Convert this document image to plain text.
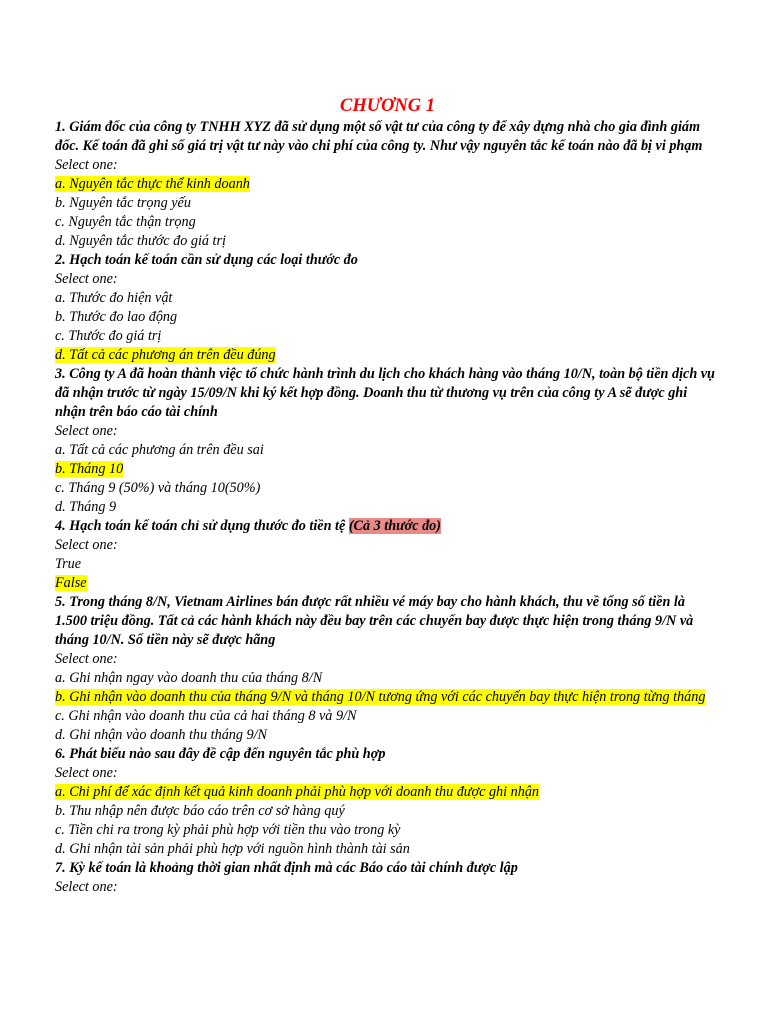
CHƯƠNG 1
1. Giám đốc của công ty TNHH XYZ đã sử dụng một số vật tư của công ty để xây dựng nhà cho gia đình giám đốc. Kế toán đã ghi số giá trị vật tư này vào chi phí của công ty. Như vậy nguyên tắc kế toán nào đã bị vi phạm
Select one:
a. Nguyên tắc thực thể kinh doanh
b. Nguyên tắc trọng yếu
c. Nguyên tắc thận trọng
d. Nguyên tắc thước đo giá trị
2. Hạch toán kế toán cần sử dụng các loại thước đo
Select one:
a. Thước đo hiện vật
b. Thước đo lao động
c. Thước đo giá trị
d. Tất cả các phương án trên đều đúng
3. Công ty A đã hoàn thành việc tổ chức hành trình du lịch cho khách hàng vào tháng 10/N, toàn bộ tiền dịch vụ đã nhận trước từ ngày 15/09/N khi ký kết hợp đồng. Doanh thu từ thương vụ trên của công ty A sẽ được ghi nhận trên báo cáo tài chính
Select one:
a. Tất cả các phương án trên đều sai
b. Tháng 10
c. Tháng 9 (50%) và tháng 10(50%)
d. Tháng 9
4. Hạch toán kế toán chỉ sử dụng thước đo tiền tệ (Cả 3 thước đo)
Select one:
True
False
5. Trong tháng 8/N, Vietnam Airlines bán được rất nhiều vé máy bay cho hành khách, thu về tổng số tiền là 1.500 triệu đồng. Tất cả các hành khách này đều bay trên các chuyến bay được thực hiện trong tháng 9/N và tháng 10/N. Số tiền này sẽ được hãng
Select one:
a. Ghi nhận ngay vào doanh thu của tháng 8/N
b. Ghi nhận vào doanh thu của tháng 9/N và tháng 10/N tương ứng với các chuyến bay thực hiện trong từng tháng
c. Ghi nhận vào doanh thu của cả hai tháng 8 và 9/N
d. Ghi nhận vào doanh thu tháng 9/N
6. Phát biểu nào sau đây đề cập đến nguyên tắc phù hợp
Select one:
a. Chi phí để xác định kết quả kinh doanh phải phù hợp với doanh thu được ghi nhận
b. Thu nhập nên được báo cáo trên cơ sở hàng quý
c. Tiền chi ra trong kỳ phải phù hợp với tiền thu vào trong kỳ
d. Ghi nhận tài sản phải phù hợp với nguồn hình thành tài sản
7. Kỳ kế toán là khoảng thời gian nhất định mà các Báo cáo tài chính được lập
Select one:
